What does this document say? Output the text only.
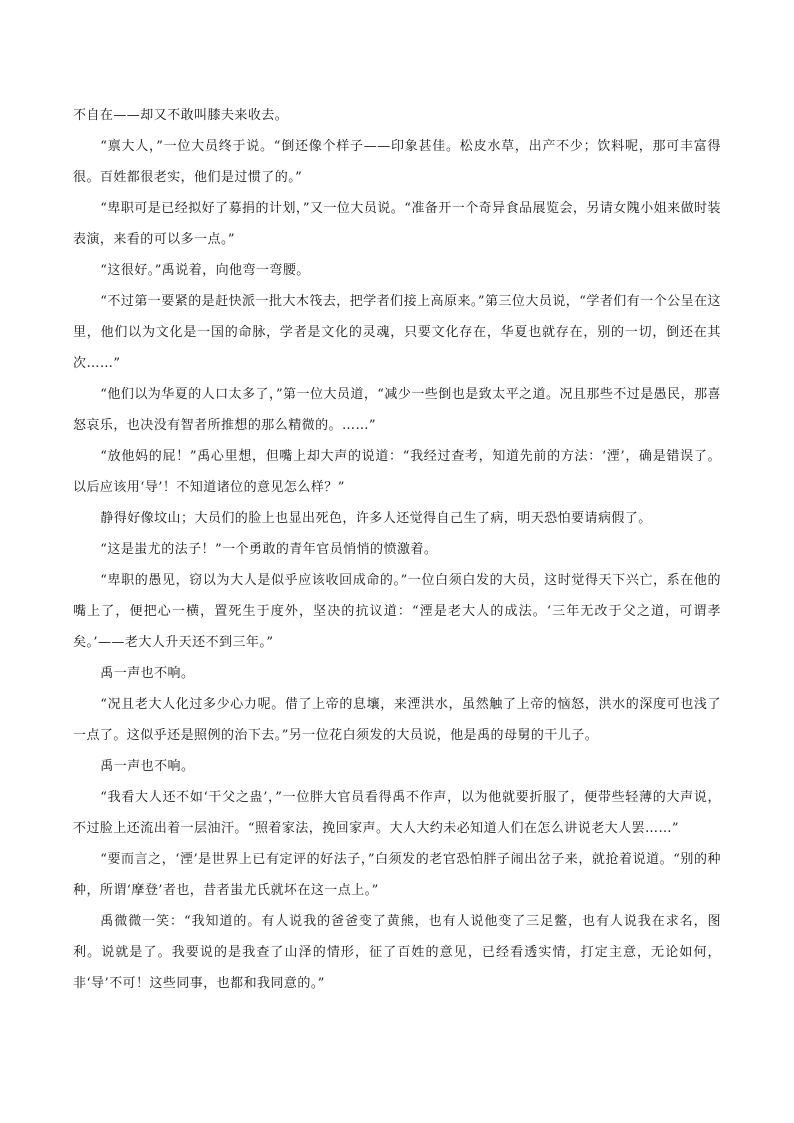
不自在——却又不敢叫膝夫来收去。

“禀大人，”一位大员终于说。“倒还像个样子——印象甚佳。松皮水草，出产不少；饮料呢，那可丰富得很。百姓都很老实，他们是过惯了的。”

“卑职可是已经拟好了募捐的计划，”又一位大员说。“准备开一个奇异食品展览会，另请女隗小姐来做时装表演，来看的可以多一点。”

“这很好。”禹说着，向他弯一弯腰。

“不过第一要紧的是赶快派一批大木筏去，把学者们接上高原来。”第三位大员说，“学者们有一个公呈在这里，他们以为文化是一国的命脉，学者是文化的灵魂，只要文化存在，华夏也就存在，别的一切，倒还在其次……”

“他们以为华夏的人口太多了，”第一位大员道，“减少一些倒也是致太平之道。况且那些不过是愚民，那喜怒哀乐，也决没有智者所推想的那么精微的。……”

“放他妈的屁！”禹心里想，但嘴上却大声的说道：“我经过查考，知道先前的方法：‘湮’，确是错误了。以后应该用‘导’！不知道诸位的意见怎么样？”

静得好像坟山；大员们的脸上也显出死色，许多人还觉得自己生了病，明天恐怕要请病假了。

“这是蚩尤的法子！”一个勇敢的青年官员悄悄的愤激着。

“卑职的愚见，窃以为大人是似乎应该收回成命的。”一位白须白发的大员，这时觉得天下兴亡，系在他的嘴上了，便把心一横，置死生于度外，坚决的抗议道：“湮是老大人的成法。‘三年无改于父之道，可谓孝矣。’——老大人升天还不到三年。”

禹一声也不响。

“况且老大人化过多少心力呢。借了上帝的息壤，来湮洪水，虽然触了上帝的恼怒，洪水的深度可也浅了一点了。这似乎还是照例的治下去。”另一位花白须发的大员说，他是禹的母舅的干儿子。

禹一声也不响。

“我看大人还不如‘干父之蛊’，”一位胖大官员看得禹不作声，以为他就要折服了，便带些轻薄的大声说，不过脸上还流出着一层油汗。“照着家法，挽回家声。大人大约未必知道人们在怎么讲说老大人罢……”

“要而言之，‘湮’是世界上已有定评的好法子，”白须发的老官恐怕胖子闹出岔子来，就抢着说道。“别的种种，所谓‘摩登’者也，昔者蚩尤氏就坏在这一点上。”

禹微微一笑：“我知道的。有人说我的爸爸变了黄熊，也有人说他变了三足鳖，也有人说我在求名，图利。说就是了。我要说的是我查了山泽的情形，征了百姓的意见，已经看透实情，打定主意，无论如何，非‘导’不可！这些同事，也都和我同意的。”
